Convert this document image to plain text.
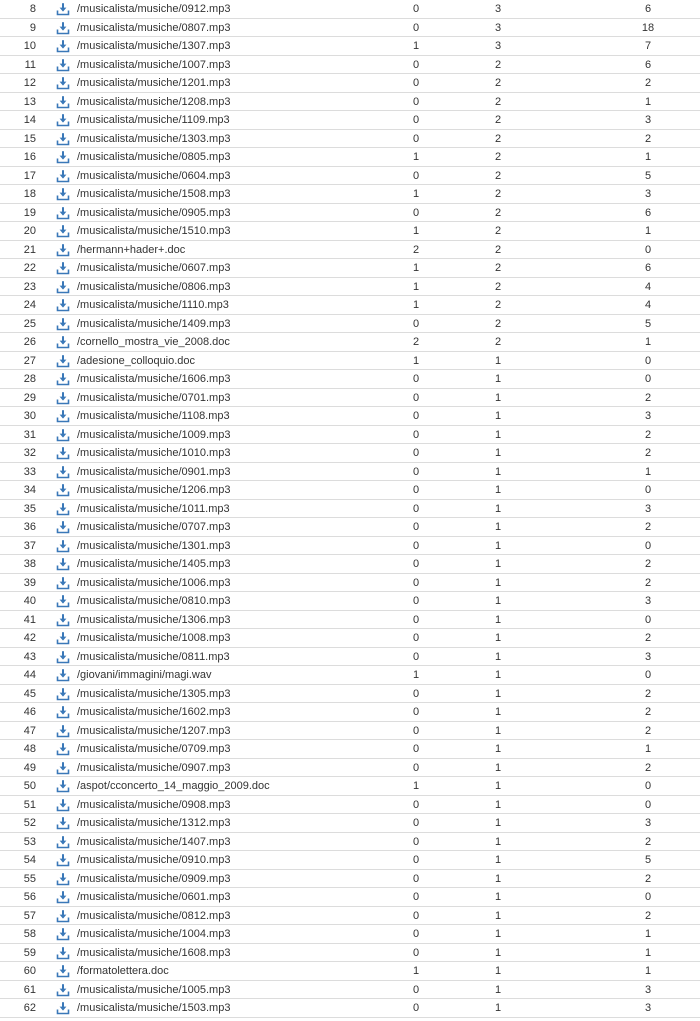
8	/musicalista/musiche/0912.mp3	0	3	6
9	/musicalista/musiche/0807.mp3	0	3	18
10	/musicalista/musiche/1307.mp3	1	3	7
11	/musicalista/musiche/1007.mp3	0	2	6
12	/musicalista/musiche/1201.mp3	0	2	2
13	/musicalista/musiche/1208.mp3	0	2	1
14	/musicalista/musiche/1109.mp3	0	2	3
15	/musicalista/musiche/1303.mp3	0	2	2
16	/musicalista/musiche/0805.mp3	1	2	1
17	/musicalista/musiche/0604.mp3	0	2	5
18	/musicalista/musiche/1508.mp3	1	2	3
19	/musicalista/musiche/0905.mp3	0	2	6
20	/musicalista/musiche/1510.mp3	1	2	1
21	/hermann+hader+.doc	2	2	0
22	/musicalista/musiche/0607.mp3	1	2	6
23	/musicalista/musiche/0806.mp3	1	2	4
24	/musicalista/musiche/1110.mp3	1	2	4
25	/musicalista/musiche/1409.mp3	0	2	5
26	/cornello_mostra_vie_2008.doc	2	2	1
27	/adesione_colloquio.doc	1	1	0
28	/musicalista/musiche/1606.mp3	0	1	0
29	/musicalista/musiche/0701.mp3	0	1	2
30	/musicalista/musiche/1108.mp3	0	1	3
31	/musicalista/musiche/1009.mp3	0	1	2
32	/musicalista/musiche/1010.mp3	0	1	2
33	/musicalista/musiche/0901.mp3	0	1	1
34	/musicalista/musiche/1206.mp3	0	1	0
35	/musicalista/musiche/1011.mp3	0	1	3
36	/musicalista/musiche/0707.mp3	0	1	2
37	/musicalista/musiche/1301.mp3	0	1	0
38	/musicalista/musiche/1405.mp3	0	1	2
39	/musicalista/musiche/1006.mp3	0	1	2
40	/musicalista/musiche/0810.mp3	0	1	3
41	/musicalista/musiche/1306.mp3	0	1	0
42	/musicalista/musiche/1008.mp3	0	1	2
43	/musicalista/musiche/0811.mp3	0	1	3
44	/giovani/immagini/magi.wav	1	1	0
45	/musicalista/musiche/1305.mp3	0	1	2
46	/musicalista/musiche/1602.mp3	0	1	2
47	/musicalista/musiche/1207.mp3	0	1	2
48	/musicalista/musiche/0709.mp3	0	1	1
49	/musicalista/musiche/0907.mp3	0	1	2
50	/aspot/cconcerto_14_maggio_2009.doc	1	1	0
51	/musicalista/musiche/0908.mp3	0	1	0
52	/musicalista/musiche/1312.mp3	0	1	3
53	/musicalista/musiche/1407.mp3	0	1	2
54	/musicalista/musiche/0910.mp3	0	1	5
55	/musicalista/musiche/0909.mp3	0	1	2
56	/musicalista/musiche/0601.mp3	0	1	0
57	/musicalista/musiche/0812.mp3	0	1	2
58	/musicalista/musiche/1004.mp3	0	1	1
59	/musicalista/musiche/1608.mp3	0	1	1
60	/formatolettera.doc	1	1	1
61	/musicalista/musiche/1005.mp3	0	1	3
62	/musicalista/musiche/1503.mp3	0	1	3
